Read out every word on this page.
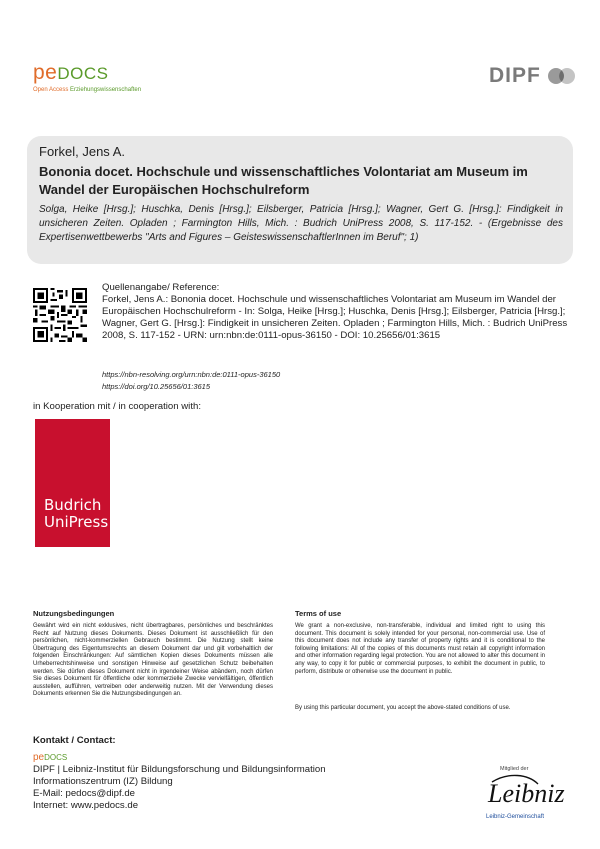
peDOCS
Open Access Erziehungswissenschaften
DIPF
Forkel, Jens A.
Bononia docet. Hochschule und wissenschaftliches Volontariat am Museum im Wandel der Europäischen Hochschulreform
Solga, Heike [Hrsg.]; Huschka, Denis [Hrsg.]; Eilsberger, Patricia [Hrsg.]; Wagner, Gert G. [Hrsg.]: Findigkeit in unsicheren Zeiten. Opladen ; Farmington Hills, Mich. : Budrich UniPress 2008, S. 117-152. - (Ergebnisse des Expertisenwettbewerbs "Arts and Figures – GeisteswissenschaftlerInnen im Beruf"; 1)
Quellenangabe/ Reference:
Forkel, Jens A.: Bononia docet. Hochschule und wissenschaftliches Volontariat am Museum im Wandel der Europäischen Hochschulreform - In: Solga, Heike [Hrsg.]; Huschka, Denis [Hrsg.]; Eilsberger, Patricia [Hrsg.]; Wagner, Gert G. [Hrsg.]: Findigkeit in unsicheren Zeiten. Opladen ; Farmington Hills, Mich. : Budrich UniPress 2008, S. 117-152 - URN: urn:nbn:de:0111-opus-36150 - DOI: 10.25656/01:3615
https://nbn-resolving.org/urn:nbn:de:0111-opus-36150
https://doi.org/10.25656/01:3615
in Kooperation mit / in cooperation with:
Budrich
UniPress
Nutzungsbedingungen
Gewährt wird ein nicht exklusives, nicht übertragbares, persönliches und beschränktes Recht auf Nutzung dieses Dokuments. Dieses Dokument ist ausschließlich für den persönlichen, nicht-kommerziellen Gebrauch bestimmt. Die Nutzung stellt keine Übertragung des Eigentumsrechts an diesem Dokument dar und gilt vorbehaltlich der folgenden Einschränkungen: Auf sämtlichen Kopien dieses Dokuments müssen alle Urheberrechtshinweise und sonstigen Hinweise auf gesetzlichen Schutz beibehalten werden. Sie dürfen dieses Dokument nicht in irgendeiner Weise abändern, noch dürfen Sie dieses Dokument für öffentliche oder kommerzielle Zwecke vervielfältigen, öffentlich ausstellen, aufführen, vertreiben oder anderweitig nutzen. Mit der Verwendung dieses Dokuments erkennen Sie die Nutzungsbedingungen an.
Terms of use
We grant a non-exclusive, non-transferable, individual and limited right to using this document. This document is solely intended for your personal, non-commercial use. Use of this document does not include any transfer of property rights and it is conditional to the following limitations: All of the copies of this documents must retain all copyright information and other information regarding legal protection. You are not allowed to alter this document in any way, to copy it for public or commercial purposes, to exhibit the document in public, to perform, distribute or otherwise use the document in public.
By using this particular document, you accept the above-stated conditions of use.
Kontakt / Contact:
peDOCS
DIPF | Leibniz-Institut für Bildungsforschung und Bildungsinformation
Informationszentrum (IZ) Bildung
E-Mail: pedocs@dipf.de
Internet: www.pedocs.de
Mitglied der
Leibniz
Leibniz-Gemeinschaft
